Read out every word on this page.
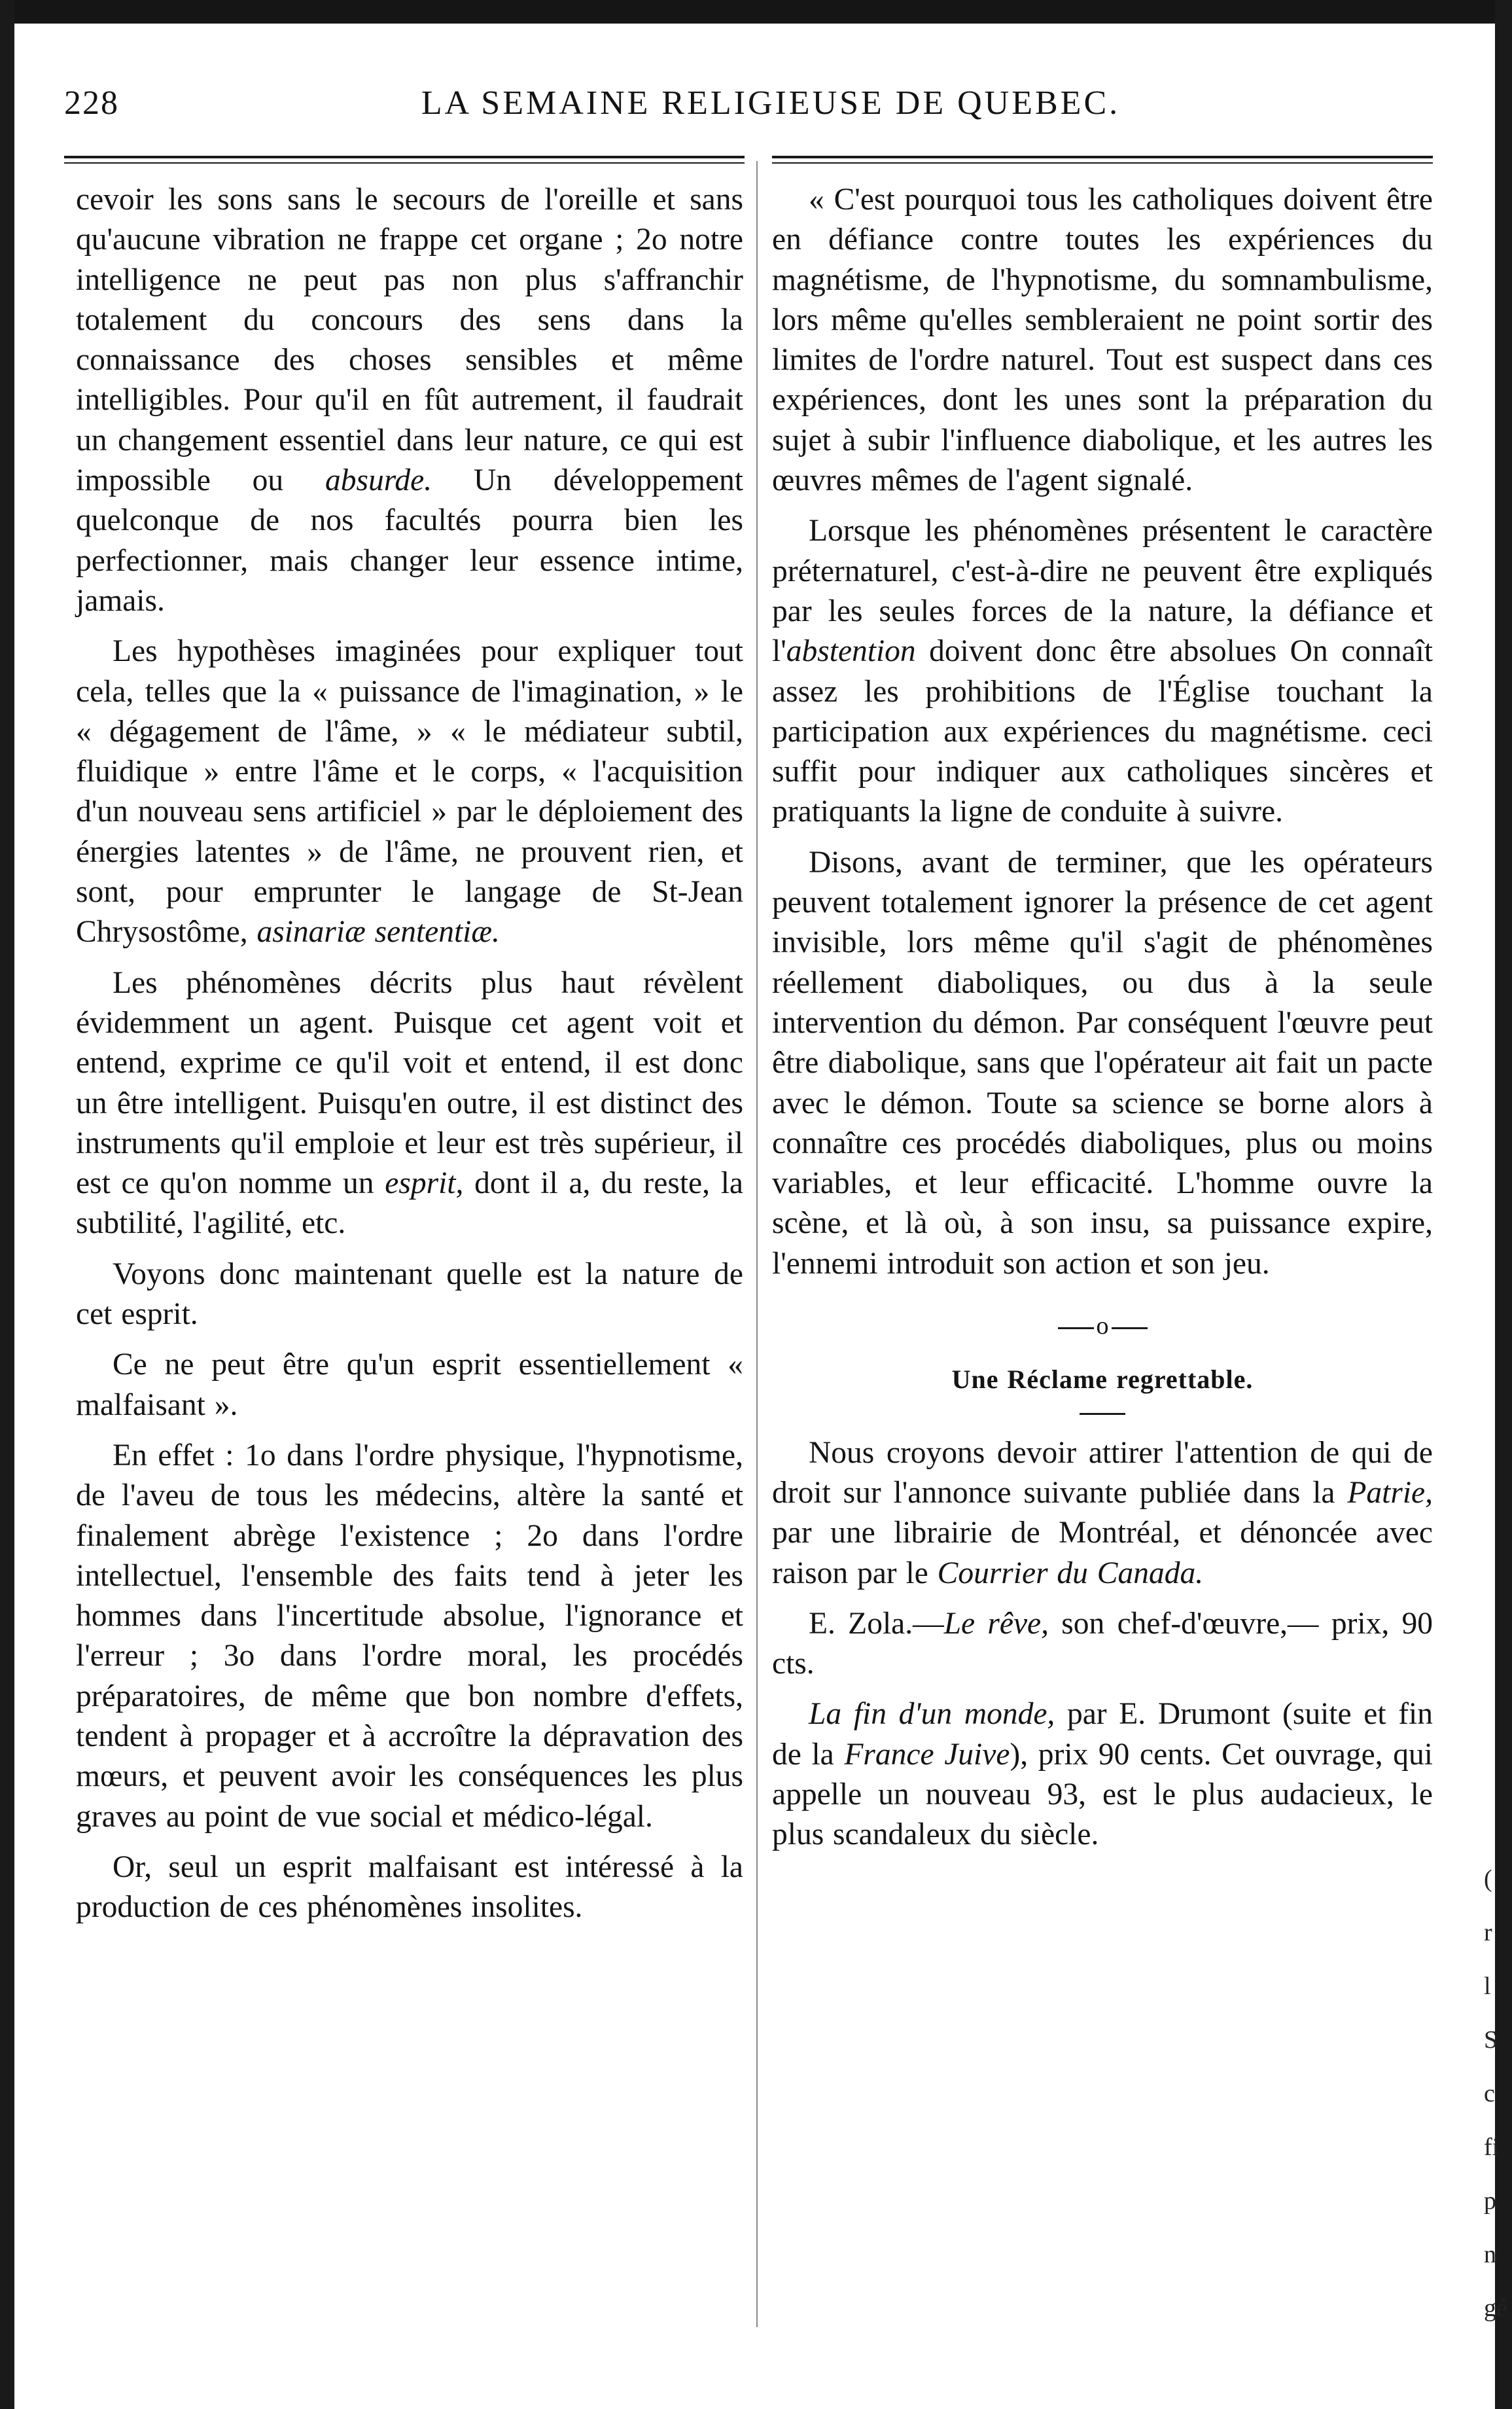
228	LA SEMAINE RELIGIEUSE DE QUEBEC.

cevoir les sons sans le secours de l'oreille et sans qu'aucune vibration ne frappe cet organe ; 2o notre intelligence ne peut pas non plus s'affranchir totalement du concours des sens dans la connaissance des choses sensibles et même intelligibles. Pour qu'il en fût autrement, il faudrait un changement essentiel dans leur nature, ce qui est impossible ou absurde. Un développement quelconque de nos facultés pourra bien les perfectionner, mais changer leur essence intime, jamais.

Les hypothèses imaginées pour expliquer tout cela, telles que la « puissance de l'imagination, » le « dégagement de l'âme, » « le médiateur subtil, fluidique » entre l'âme et le corps, « l'acquisition d'un nouveau sens artificiel » par le déploiement des énergies latentes » de l'âme, ne prouvent rien, et sont, pour emprunter le langage de St-Jean Chrysostôme, asinariæ sententiæ.

Les phénomènes décrits plus haut révèlent évidemment un agent. Puisque cet agent voit et entend, exprime ce qu'il voit et entend, il est donc un être intelligent. Puisqu'en outre, il est distinct des instruments qu'il emploie et leur est très supérieur, il est ce qu'on nomme un esprit, dont il a, du reste, la subtilité, l'agilité, etc.

Voyons donc maintenant quelle est la nature de cet esprit.

Ce ne peut être qu'un esprit essentiellement « malfaisant ».

En effet : 1o dans l'ordre physique, l'hypnotisme, de l'aveu de tous les médecins, altère la santé et finalement abrège l'existence ; 2o dans l'ordre intellectuel, l'ensemble des faits tend à jeter les hommes dans l'incertitude absolue, l'ignorance et l'erreur ; 3o dans l'ordre moral, les procédés préparatoires, de même que bon nombre d'effets, tendent à propager et à accroître la dépravation des mœurs, et peuvent avoir les conséquences les plus graves au point de vue social et médico-légal.

Or, seul un esprit malfaisant est intéressé à la production de ces phénomènes insolites.

« C'est pourquoi tous les catholiques doivent être en défiance contre toutes les expériences du magnétisme, de l'hypnotisme, du somnambulisme, lors même qu'elles sembleraient ne point sortir des limites de l'ordre naturel. Tout est suspect dans ces expériences, dont les unes sont la préparation du sujet à subir l'influence diabolique, et les autres les œuvres mêmes de l'agent signalé.

Lorsque les phénomènes présentent le caractère préternaturel, c'est-à-dire ne peuvent être expliqués par les seules forces de la nature, la défiance et l'abstention doivent donc être absolues On connaît assez les prohibitions de l'Église touchant la participation aux expériences du magnétisme. ceci suffit pour indiquer aux catholiques sincères et pratiquants la ligne de conduite à suivre.

Disons, avant de terminer, que les opérateurs peuvent totalement ignorer la présence de cet agent invisible, lors même qu'il s'agit de phénomènes réellement diaboliques, ou dus à la seule intervention du démon. Par conséquent l'œuvre peut être diabolique, sans que l'opérateur ait fait un pacte avec le démon. Toute sa science se borne alors à connaître ces procédés diaboliques, plus ou moins variables, et leur efficacité. L'homme ouvre la scène, et là où, à son insu, sa puissance expire, l'ennemi introduit son action et son jeu.

o
Une Réclame regrettable.

Nous croyons devoir attirer l'attention de qui de droit sur l'annonce suivante publiée dans la Patrie, par une librairie de Montréal, et dénoncée avec raison par le Courrier du Canada.

E. Zola.—Le rêve, son chef-d'œuvre,— prix, 90 cts.

La fin d'un monde, par E. Drumont (suite et fin de la France Juive), prix 90 cents. Cet ouvrage, qui appelle un nouveau 93, est le plus audacieux, le plus scandaleux du siècle.

(
r
l
S
c
fi
p
n
gé
